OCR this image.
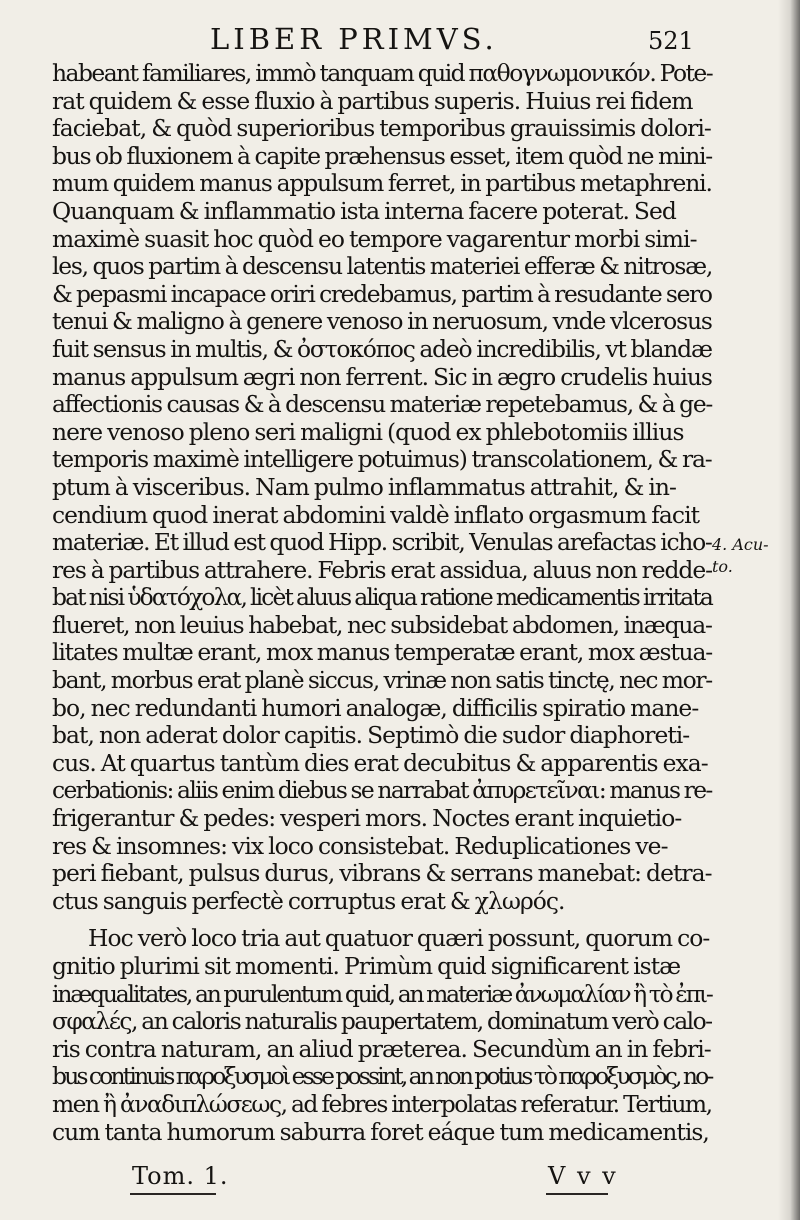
LIBER PRIMVS.	521
habeant familiares, immò tanquam quid παθογνωμονικόν. Pote-
rat quidem & esse fluxio à partibus superis. Huius rei fidem
faciebat, & quòd superioribus temporibus grauissimis dolori-
bus ob fluxionem à capite præhensus esset, item quòd ne mini-
mum quidem manus appulsum ferret, in partibus metaphreni.
Quanquam & inflammatio ista interna facere poterat. Sed
maximè suasit hoc quòd eo tempore vagarentur morbi simi-
les, quos partim à descensu latentis materiei efferæ & nitrosæ,
& pepasmi incapace oriri credebamus, partim à resudante sero
tenui & maligno à genere venoso in neruosum, vnde vlcerosus
fuit sensus in multis, & ὀστοκόπος adeò incredibilis, vt blandæ
manus appulsum ægri non ferrent. Sic in ægro crudelis huius
affectionis causas & à descensu materiæ repetebamus, & à ge-
nere venoso pleno seri maligni (quod ex phlebotomiis illius
temporis maximè intelligere potuimus) transcolationem, & ra-
ptum à visceribus. Nam pulmo inflammatus attrahit, & in-
cendium quod inerat abdomini valdè inflato orgasmum facit
materiæ. Et illud est quod Hipp. scribit, Venulas arefactas icho-
res à partibus attrahere. Febris erat assidua, aluus non redde-
bat nisi ὑδατόχολα, licèt aluus aliqua ratione medicamentis irritata
flueret, non leuius habebat, nec subsidebat abdomen, inæqua-
litates multæ erant, mox manus temperatæ erant, mox æstua-
bant, morbus erat planè siccus, vrinæ non satis tinctę, nec mor-
bo, nec redundanti humori analogæ, difficilis spiratio mane-
bat, non aderat dolor capitis. Septimò die sudor diaphoreti-
cus. At quartus tantùm dies erat decubitus & apparentis exa-
cerbationis: aliis enim diebus se narrabat ἀπυρετεῖναι: manus re-
frigerantur & pedes: vesperi mors. Noctes erant inquietio-
res & insomnes: vix loco consistebat. Reduplicationes ve-
peri fiebant, pulsus durus, vibrans & serrans manebat: detra-
ctus sanguis perfectè corruptus erat & χλωρός.
Hoc verò loco tria aut quatuor quæri possunt, quorum co-
gnitio plurimi sit momenti. Primùm quid significarent istæ
inæqualitates, an purulentum quid, an materiæ ἀνωμαλίαν ἢ τὸ ἐπι-
σφαλές, an caloris naturalis paupertatem, dominatum verò calo-
ris contra naturam, an aliud præterea. Secundùm an in febri-
bus continuis παροξυσμοὶ esse possint, an non potius τὸ παροξυσμὸς, no-
men ἢ ἀναδιπλώσεως, ad febres interpolatas referatur. Tertium,
cum tanta humorum saburra foret eáque tum medicamentis,
4. Acu-
to.
Tom. 1.	V v v
